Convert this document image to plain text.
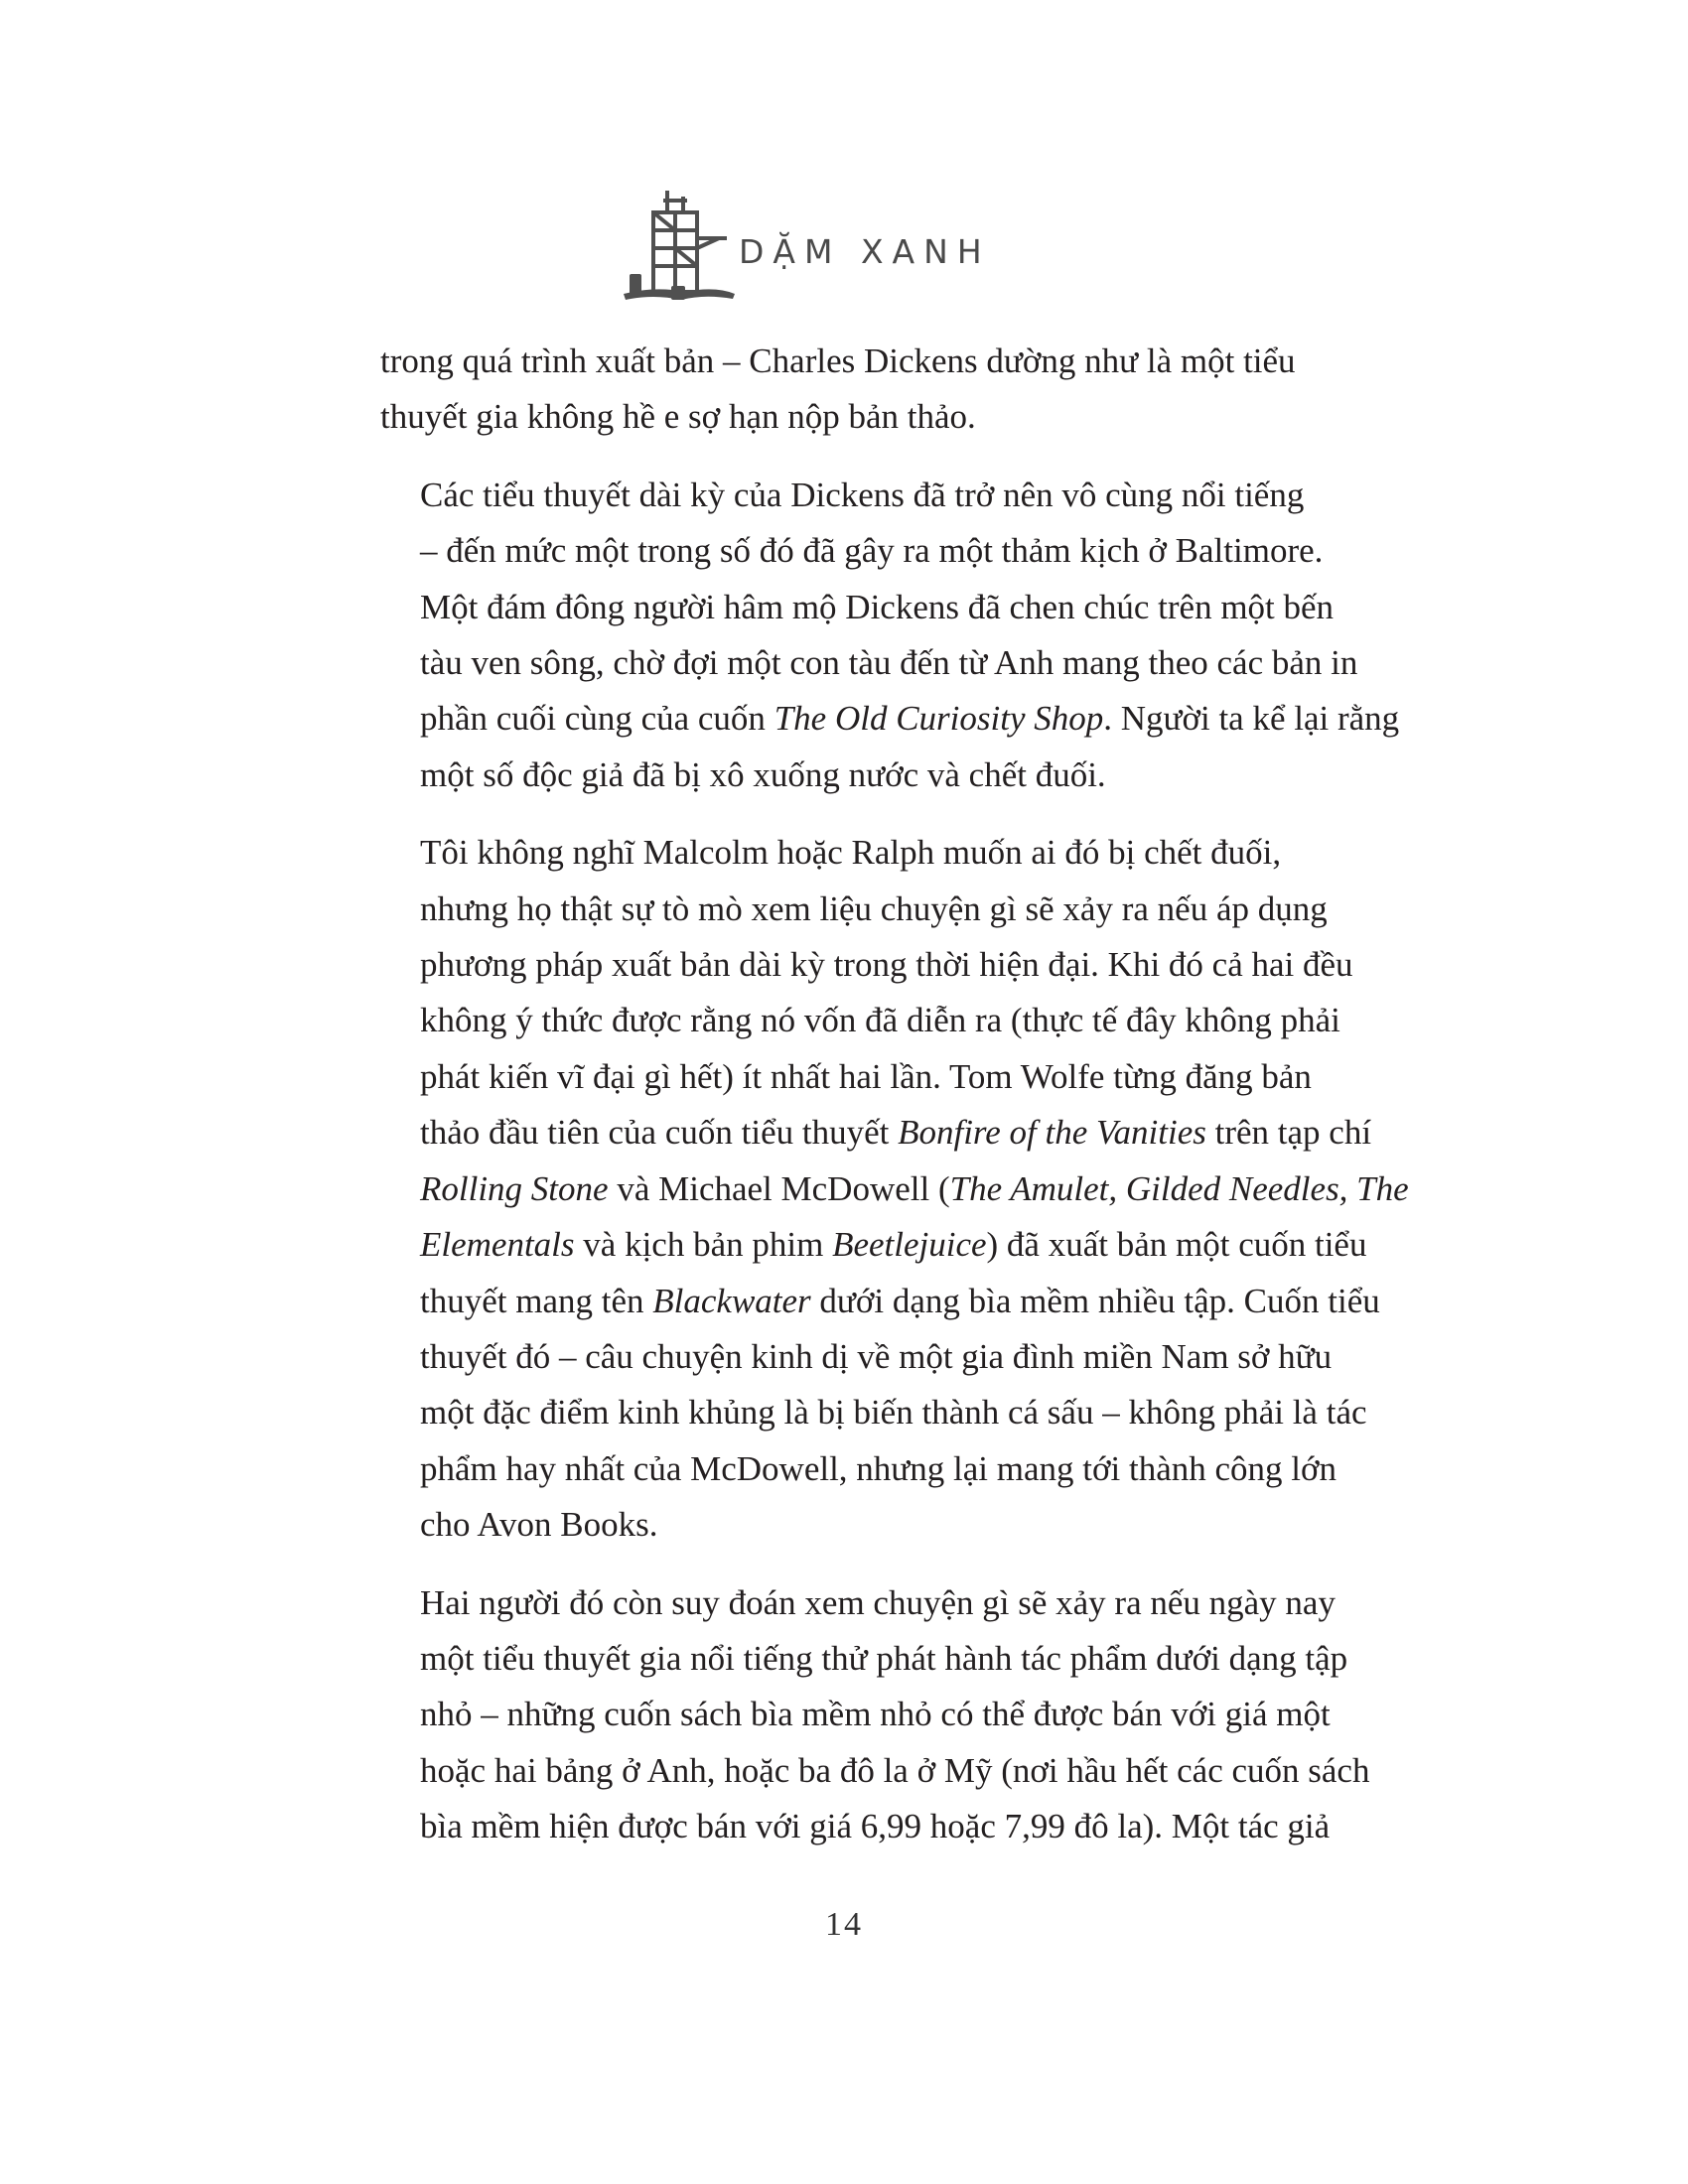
DẶM XANH

trong quá trình xuất bản – Charles Dickens dường như là một tiểu
thuyết gia không hề e sợ hạn nộp bản thảo.

Các tiểu thuyết dài kỳ của Dickens đã trở nên vô cùng nổi tiếng
– đến mức một trong số đó đã gây ra một thảm kịch ở Baltimore.
Một đám đông người hâm mộ Dickens đã chen chúc trên một bến
tàu ven sông, chờ đợi một con tàu đến từ Anh mang theo các bản in
phần cuối cùng của cuốn The Old Curiosity Shop. Người ta kể lại rằng
một số độc giả đã bị xô xuống nước và chết đuối.

Tôi không nghĩ Malcolm hoặc Ralph muốn ai đó bị chết đuối,
nhưng họ thật sự tò mò xem liệu chuyện gì sẽ xảy ra nếu áp dụng
phương pháp xuất bản dài kỳ trong thời hiện đại. Khi đó cả hai đều
không ý thức được rằng nó vốn đã diễn ra (thực tế đây không phải
phát kiến vĩ đại gì hết) ít nhất hai lần. Tom Wolfe từng đăng bản
thảo đầu tiên của cuốn tiểu thuyết Bonfire of the Vanities trên tạp chí
Rolling Stone và Michael McDowell (The Amulet, Gilded Needles, The
Elementals và kịch bản phim Beetlejuice) đã xuất bản một cuốn tiểu
thuyết mang tên Blackwater dưới dạng bìa mềm nhiều tập. Cuốn tiểu
thuyết đó – câu chuyện kinh dị về một gia đình miền Nam sở hữu
một đặc điểm kinh khủng là bị biến thành cá sấu – không phải là tác
phẩm hay nhất của McDowell, nhưng lại mang tới thành công lớn
cho Avon Books.

Hai người đó còn suy đoán xem chuyện gì sẽ xảy ra nếu ngày nay
một tiểu thuyết gia nổi tiếng thử phát hành tác phẩm dưới dạng tập
nhỏ – những cuốn sách bìa mềm nhỏ có thể được bán với giá một
hoặc hai bảng ở Anh, hoặc ba đô la ở Mỹ (nơi hầu hết các cuốn sách
bìa mềm hiện được bán với giá 6,99 hoặc 7,99 đô la). Một tác giả

14
